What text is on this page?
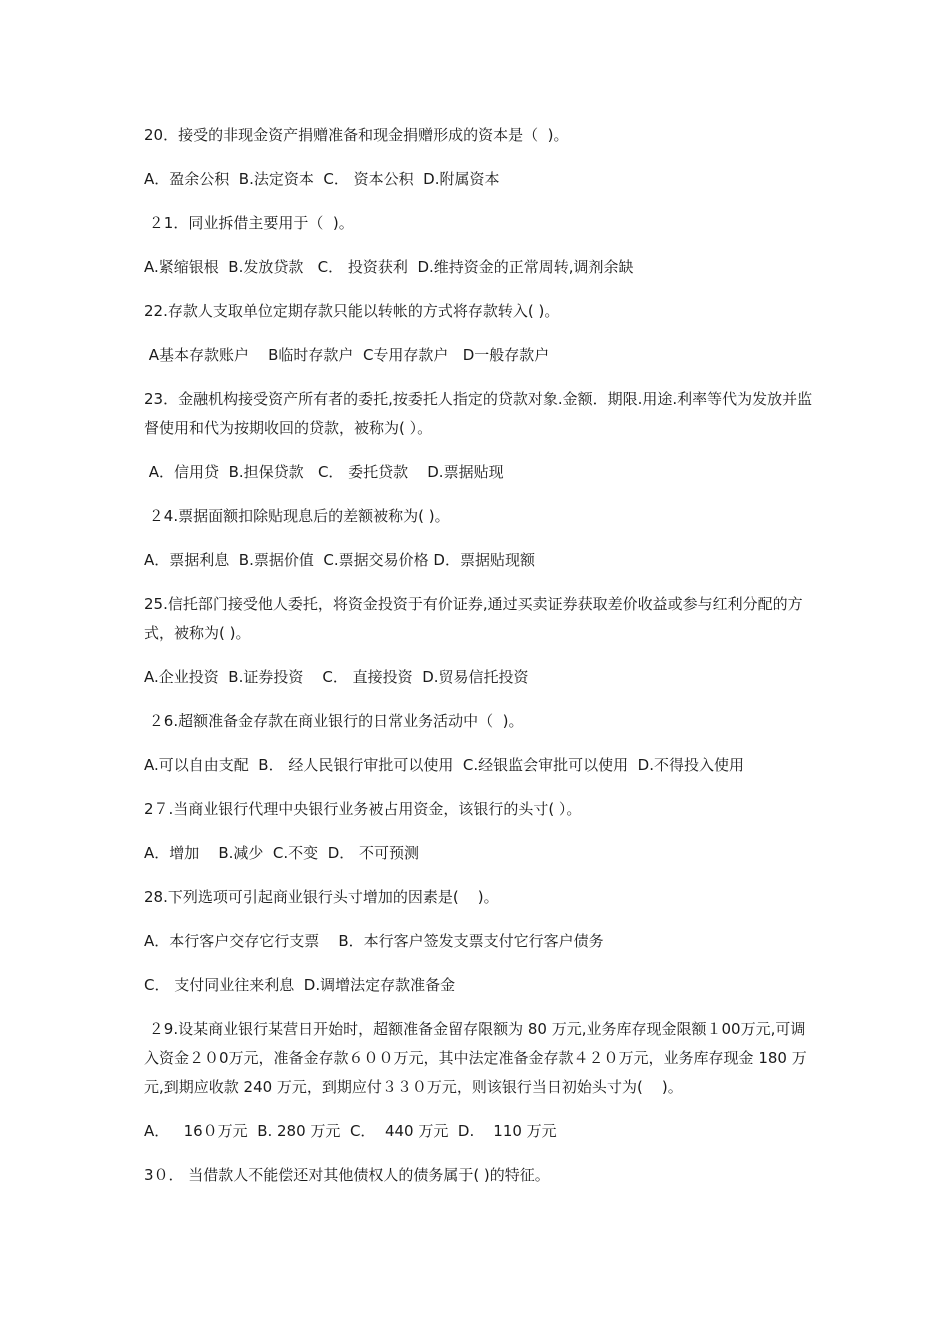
20．接受的非现金资产捐赠准备和现金捐赠形成的资本是（  )。

A．盈余公积  B.法定资本  C． 资本公积  D.附属资本

２1．同业拆借主要用于（  )。

A.紧缩银根  B.发放贷款   C． 投资获利  D.维持资金的正常周转,调剂余缺

22.存款人支取单位定期存款只能以转帐的方式将存款转入( )。

A基本存款账户    B临时存款户  C专用存款户   D一般存款户

23．金融机构接受资产所有者的委托,按委托人指定的贷款对象.金额．期限.用途.利率等代为发放并监督使用和代为按期收回的贷款，被称为( ）。

A．信用贷  B.担保贷款   C． 委托贷款    D.票据贴现

２4.票据面额扣除贴现息后的差额被称为( )。

A．票据利息  B.票据价值  C.票据交易价格 D．票据贴现额

25.信托部门接受他人委托，将资金投资于有价证券,通过买卖证券获取差价收益或参与红利分配的方式，被称为( )。

A.企业投资  B.证券投资    C． 直接投资  D.贸易信托投资

２6.超额准备金存款在商业银行的日常业务活动中（  )。

A.可以自由支配  B． 经人民银行审批可以使用  C.经银监会审批可以使用  D.不得投入使用

2７.当商业银行代理中央银行业务被占用资金，该银行的头寸( ）。

A．增加    B.减少  C.不变  D． 不可预测

28.下列选项可引起商业银行头寸增加的因素是(    )。

A．本行客户交存它行支票    B．本行客户签发支票支付它行客户债务

C． 支付同业往来利息  D.调增法定存款准备金

２9.设某商业银行某营日开始时，超额准备金留存限额为 80 万元,业务库存现金限额１00万元,可调入资金２０0万元，准备金存款６００万元，其中法定准备金存款４２０万元，业务库存现金 180 万元,到期应收款 240 万元，到期应付３３０万元，则该银行当日初始头寸为(    )。

A．   16０万元  B. 280 万元  C．  440 万元  D.    110 万元

3０． 当借款人不能偿还对其他债权人的债务属于( )的特征。
